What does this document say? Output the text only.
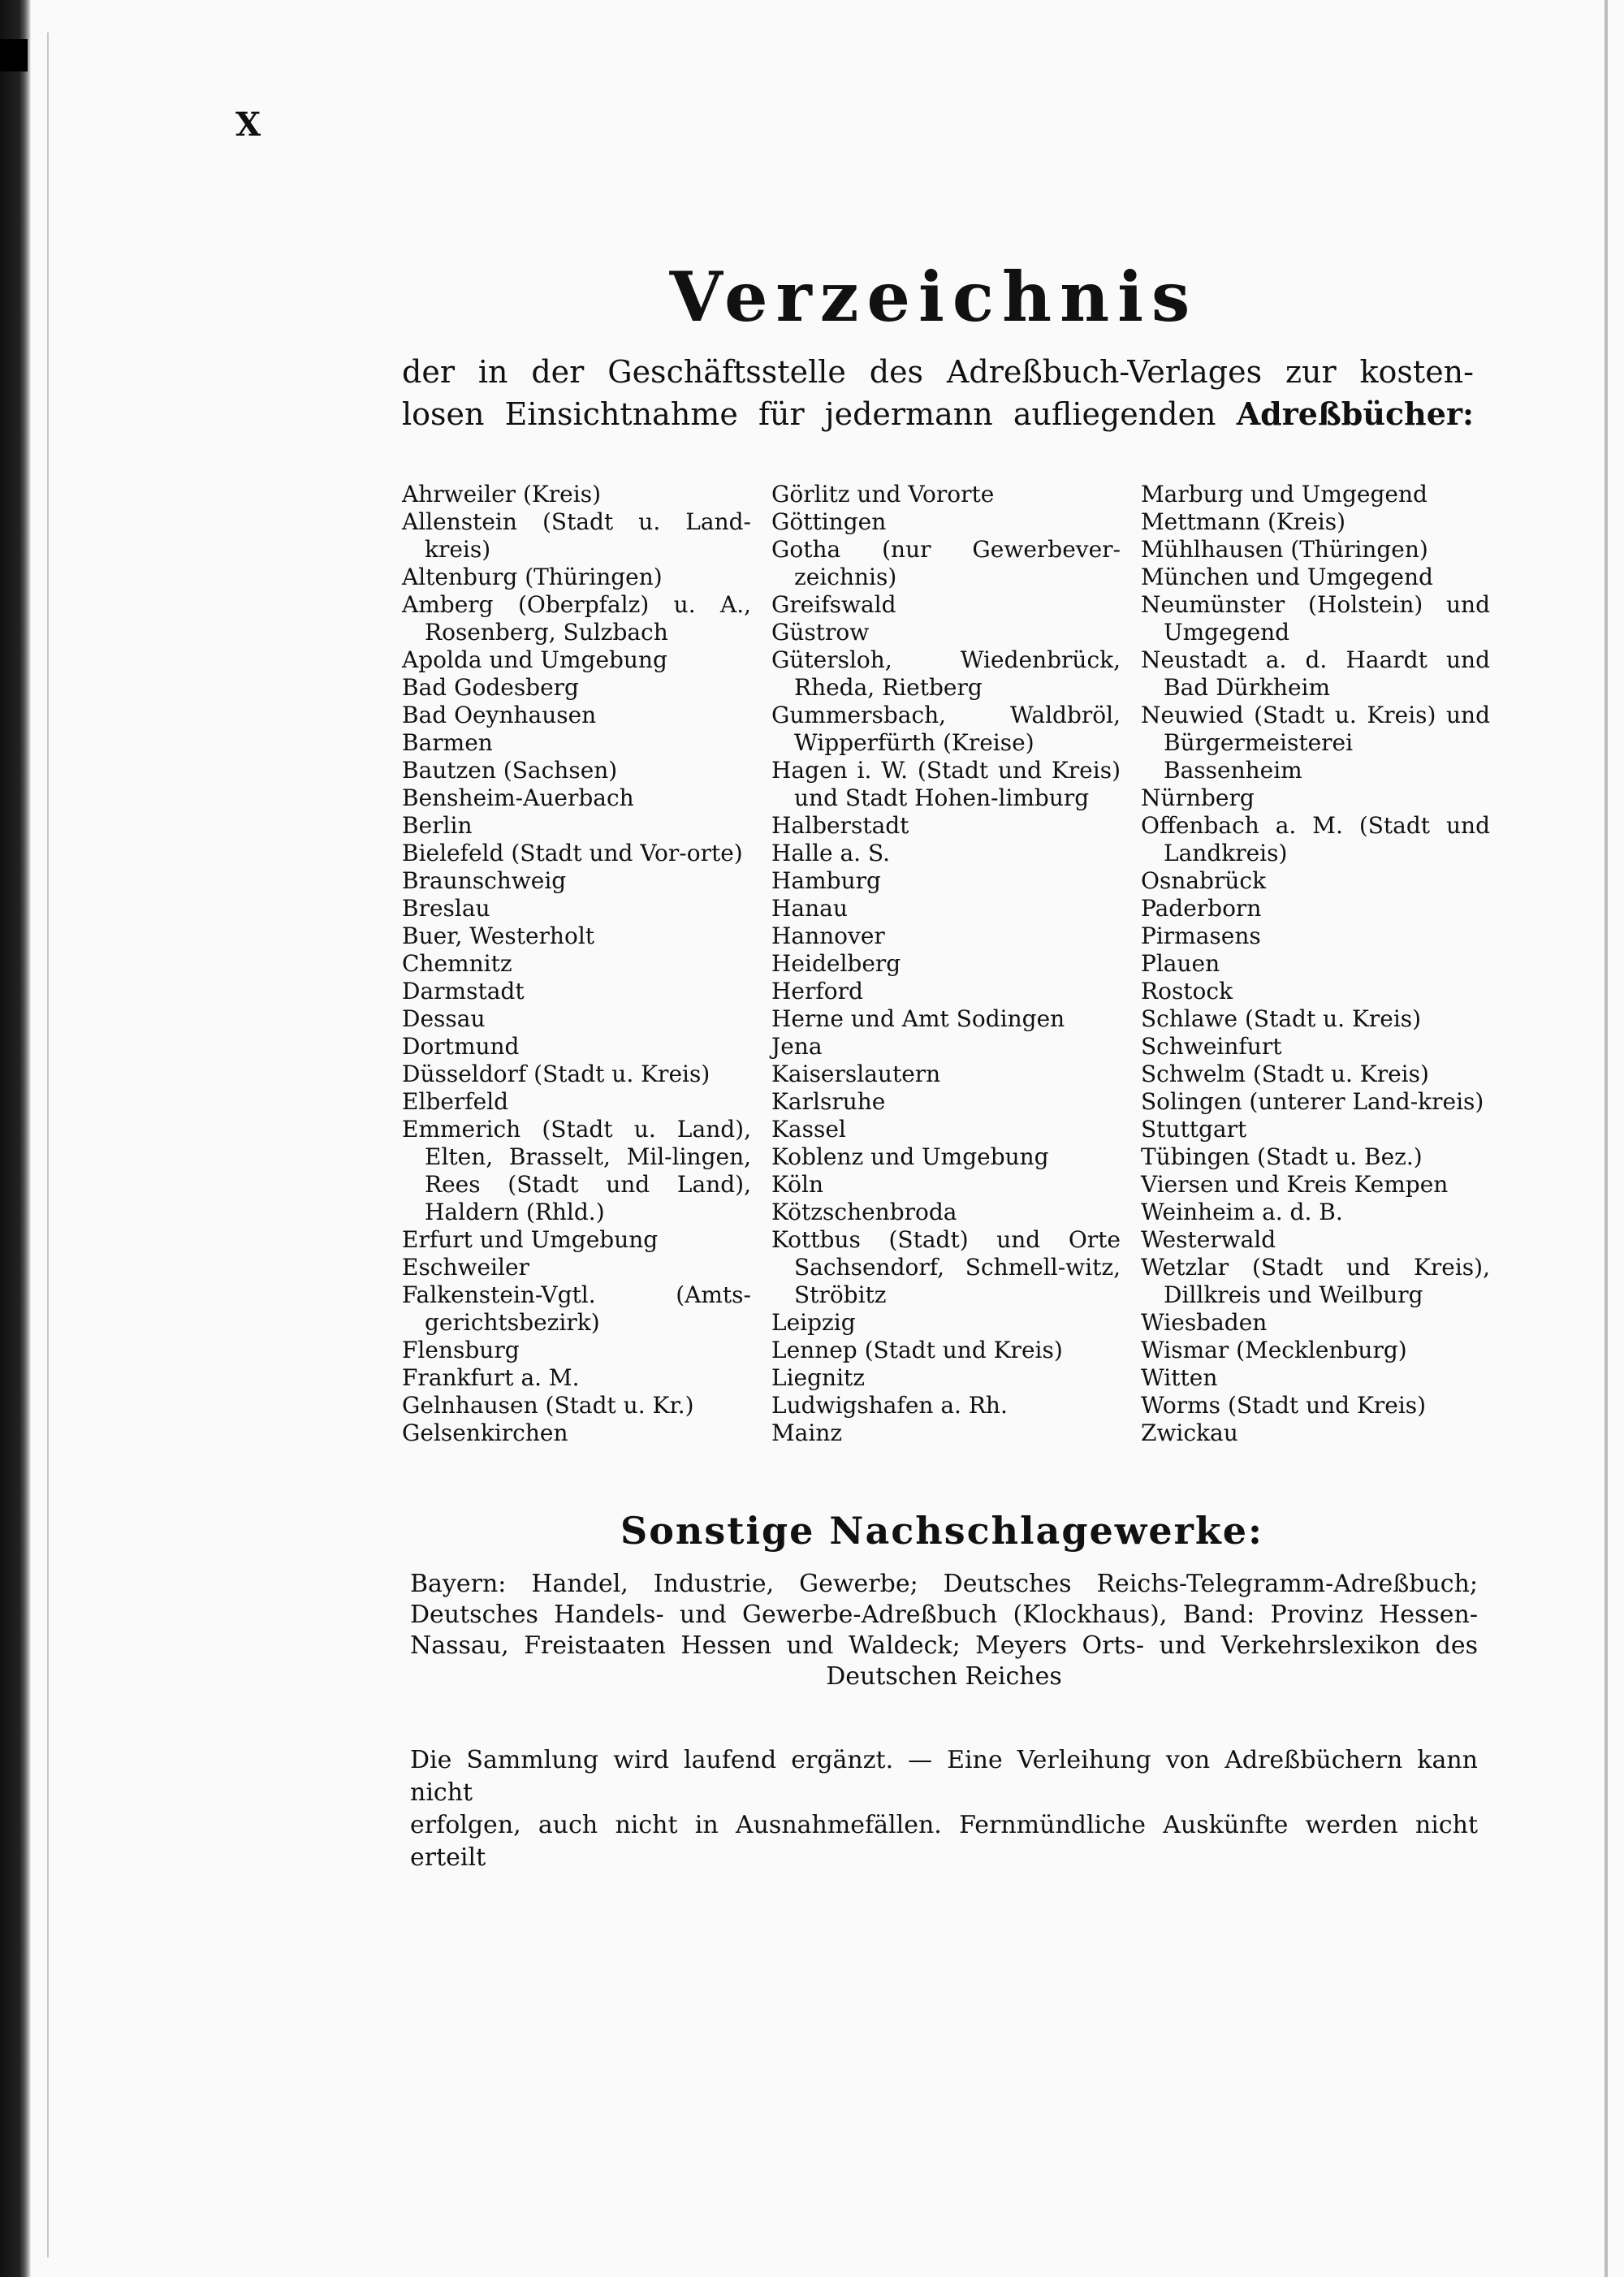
X
Verzeichnis
der in der Geschäftsstelle des Adreßbuch-Verlages zur kosten-
losen Einsichtnahme für jedermann aufliegenden Adreßbücher:

Ahrweiler (Kreis)

Allenstein (Stadt u. Land-kreis)

Altenburg (Thüringen)

Amberg (Oberpfalz) u. A., Rosenberg, Sulzbach

Apolda und Umgebung

Bad Godesberg

Bad Oeynhausen

Barmen

Bautzen (Sachsen)

Bensheim-Auerbach

Berlin

Bielefeld (Stadt und Vor-orte)

Braunschweig

Breslau

Buer, Westerholt

Chemnitz

Darmstadt

Dessau

Dortmund

Düsseldorf (Stadt u. Kreis)

Elberfeld

Emmerich (Stadt u. Land), Elten, Brasselt, Mil-lingen, Rees (Stadt und Land), Haldern (Rhld.)

Erfurt und Umgebung

Eschweiler

Falkenstein-Vgtl. (Amts-gerichtsbezirk)

Flensburg

Frankfurt a. M.

Gelnhausen (Stadt u. Kr.)

Gelsenkirchen

Görlitz und Vororte

Göttingen

Gotha (nur Gewerbever-zeichnis)

Greifswald

Güstrow

Gütersloh, Wiedenbrück, Rheda, Rietberg

Gummersbach, Waldbröl, Wipperfürth (Kreise)

Hagen i. W. (Stadt und Kreis) und Stadt Hohen-limburg

Halberstadt

Halle a. S.

Hamburg

Hanau

Hannover

Heidelberg

Herford

Herne und Amt Sodingen

Jena

Kaiserslautern

Karlsruhe

Kassel

Koblenz und Umgebung

Köln

Kötzschenbroda

Kottbus (Stadt) und Orte Sachsendorf, Schmell-witz, Ströbitz

Leipzig

Lennep (Stadt und Kreis)

Liegnitz

Ludwigshafen a. Rh.

Mainz

Marburg und Umgegend

Mettmann (Kreis)

Mühlhausen (Thüringen)

München und Umgegend

Neumünster (Holstein) und Umgegend

Neustadt a. d. Haardt und Bad Dürkheim

Neuwied (Stadt u. Kreis) und Bürgermeisterei Bassenheim

Nürnberg

Offenbach a. M. (Stadt und Landkreis)

Osnabrück

Paderborn

Pirmasens

Plauen

Rostock

Schlawe (Stadt u. Kreis)

Schweinfurt

Schwelm (Stadt u. Kreis)

Solingen (unterer Land-kreis)

Stuttgart

Tübingen (Stadt u. Bez.)

Viersen und Kreis Kempen

Weinheim a. d. B.

Westerwald

Wetzlar (Stadt und Kreis), Dillkreis und Weilburg

Wiesbaden

Wismar (Mecklenburg)

Witten

Worms (Stadt und Kreis)

Zwickau

Sonstige Nachschlagewerke:
Bayern: Handel, Industrie, Gewerbe; Deutsches Reichs-Telegramm-Adreßbuch; Deutsches Handels- und Gewerbe-Adreßbuch (Klockhaus), Band: Provinz Hessen-Nassau, Freistaaten Hessen und Waldeck; Meyers Orts- und Verkehrslexikon des Deutschen Reiches
Die Sammlung wird laufend ergänzt. — Eine Verleihung von Adreßbüchern kann nicht
erfolgen, auch nicht in Ausnahmefällen. Fernmündliche Auskünfte werden nicht erteilt
